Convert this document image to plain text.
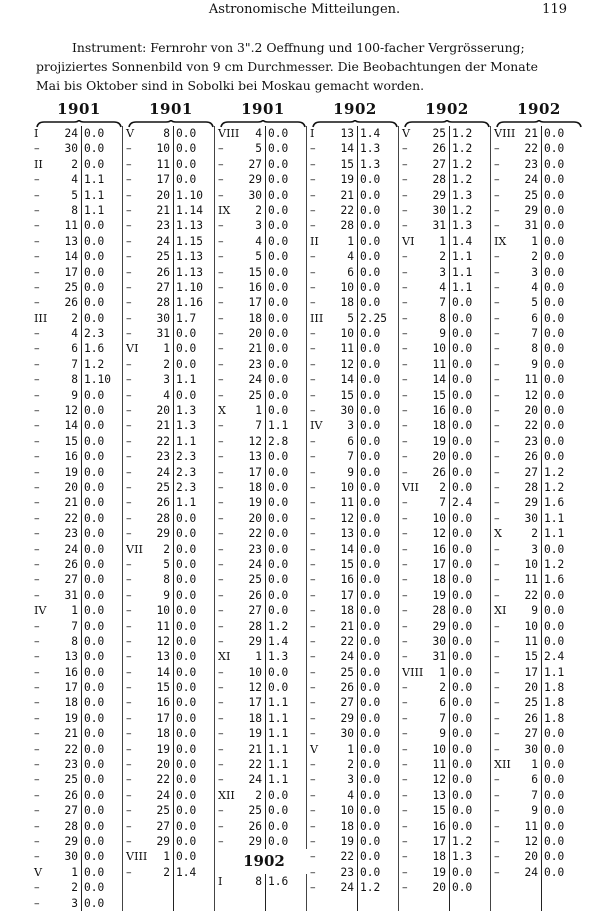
Astronomische Mitteilungen.	119
Instrument: Fernrohr von 3".2 Oeffnung und 100-facher Vergrösserung;
projiziertes Sonnenbild von 9 cm Durchmesser. Die Beobachtungen der Monate
Mai bis Oktober sind in Sobolki bei Moskau gemacht worden.
1901
I	24 0.0
–	30 0.0
II	2 0.0
–	4 1.1
–	5 1.1
–	8 1.1
–	11 0.0
–	13 0.0
–	14 0.0
–	17 0.0
–	25 0.0
–	26 0.0
III	2 0.0
–	4 2.3
–	6 1.6
–	7 1.2
–	8 1.10
–	9 0.0
–	12 0.0
–	14 0.0
–	15 0.0
–	16 0.0
–	19 0.0
–	20 0.0
–	21 0.0
–	22 0.0
–	23 0.0
–	24 0.0
–	26 0.0
–	27 0.0
–	31 0.0
IV	1 0.0
–	7 0.0
–	8 0.0
–	13 0.0
–	16 0.0
–	17 0.0
–	18 0.0
–	19 0.0
–	21 0.0
–	22 0.0
–	23 0.0
–	25 0.0
–	26 0.0
–	27 0.0
–	28 0.0
–	29 0.0
–	30 0.0
V	1 0.0
–	2 0.0
–	3 0.0
1901
V	8 0.0
–	10 0.0
–	11 0.0
–	17 0.0
–	20 1.10
–	21 1.14
–	23 1.13
–	24 1.15
–	25 1.13
–	26 1.13
–	27 1.10
–	28 1.16
–	30 1.7
–	31 0.0
VI	1 0.0
–	2 0.0
–	3 1.1
–	4 0.0
–	20 1.3
–	21 1.3
–	22 1.1
–	23 2.3
–	24 2.3
–	25 2.3
–	26 1.1
–	28 0.0
–	29 0.0
VII	2 0.0
–	5 0.0
–	8 0.0
–	9 0.0
–	10 0.0
–	11 0.0
–	12 0.0
–	13 0.0
–	14 0.0
–	15 0.0
–	16 0.0
–	17 0.0
–	18 0.0
–	19 0.0
–	20 0.0
–	22 0.0
–	24 0.0
–	25 0.0
–	27 0.0
–	29 0.0
VIII	1 0.0
–	2 1.4
1901
VIII	4 0.0
–	5 0.0
–	27 0.0
–	29 0.0
–	30 0.0
IX	2 0.0
–	3 0.0
–	4 0.0
–	5 0.0
–	15 0.0
–	16 0.0
–	17 0.0
–	18 0.0
–	20 0.0
–	21 0.0
–	23 0.0
–	24 0.0
–	25 0.0
X	1 0.0
–	7 1.1
–	12 2.8
–	13 0.0
–	17 0.0
–	18 0.0
–	19 0.0
–	20 0.0
–	22 0.0
–	23 0.0
–	24 0.0
–	25 0.0
–	26 0.0
–	27 0.0
–	28 1.2
–	29 1.4
XI	1 1.3
–	10 0.0
–	12 0.0
–	17 1.1
–	18 1.1
–	19 1.1
–	21 1.1
–	22 1.1
–	24 1.1
XII	2 0.0
–	25 0.0
–	26 0.0
–	29 0.0
1902
I	8 1.6
1902
I	13 1.4
–	14 1.3
–	15 1.3
–	19 0.0
–	21 0.0
–	22 0.0
–	28 0.0
II	1 0.0
–	4 0.0
–	6 0.0
–	10 0.0
–	18 0.0
III	5 2.25
–	10 0.0
–	11 0.0
–	12 0.0
–	14 0.0
–	15 0.0
–	30 0.0
IV	3 0.0
–	6 0.0
–	7 0.0
–	9 0.0
–	10 0.0
–	11 0.0
–	12 0.0
–	13 0.0
–	14 0.0
–	15 0.0
–	16 0.0
–	17 0.0
–	18 0.0
–	21 0.0
–	22 0.0
–	24 0.0
–	25 0.0
–	26 0.0
–	27 0.0
–	29 0.0
–	30 0.0
V	1 0.0
–	2 0.0
–	3 0.0
–	4 0.0
–	10 0.0
–	18 0.0
–	19 0.0
–	22 0.0
–	23 0.0
–	24 1.2
1902
V	25 1.2
–	26 1.2
–	27 1.2
–	28 1.2
–	29 1.3
–	30 1.2
–	31 1.3
VI	1 1.4
–	2 1.1
–	3 1.1
–	4 1.1
–	7 0.0
–	8 0.0
–	9 0.0
–	10 0.0
–	11 0.0
–	14 0.0
–	15 0.0
–	16 0.0
–	18 0.0
–	19 0.0
–	20 0.0
–	26 0.0
VII	2 0.0
–	7 2.4
–	10 0.0
–	12 0.0
–	16 0.0
–	17 0.0
–	18 0.0
–	19 0.0
–	28 0.0
–	29 0.0
–	30 0.0
–	31 0.0
VIII	1 0.0
–	2 0.0
–	6 0.0
–	7 0.0
–	9 0.0
–	10 0.0
–	11 0.0
–	12 0.0
–	13 0.0
–	15 0.0
–	16 0.0
–	17 1.2
–	18 1.3
–	19 0.0
–	20 0.0
1902
VIII 21 0.0
–	22 0.0
–	23 0.0
–	24 0.0
–	25 0.0
–	29 0.0
–	31 0.0
IX	1 0.0
–	2 0.0
–	3 0.0
–	4 0.0
–	5 0.0
–	6 0.0
–	7 0.0
–	8 0.0
–	9 0.0
–	11 0.0
–	12 0.0
–	20 0.0
–	22 0.0
–	23 0.0
–	26 0.0
–	27 1.2
–	28 1.2
–	29 1.6
–	30 1.1
X	2 1.1
–	3 0.0
–	10 1.2
–	11 1.6
–	22 0.0
XI	9 0.0
–	10 0.0
–	11 0.0
–	15 2.4
–	17 1.1
–	20 1.8
–	25 1.8
–	26 1.8
–	27 0.0
–	30 0.0
XII	1 0.0
–	6 0.0
–	7 0.0
–	9 0.0
–	11 0.0
–	12 0.0
–	20 0.0
–	24 0.0
